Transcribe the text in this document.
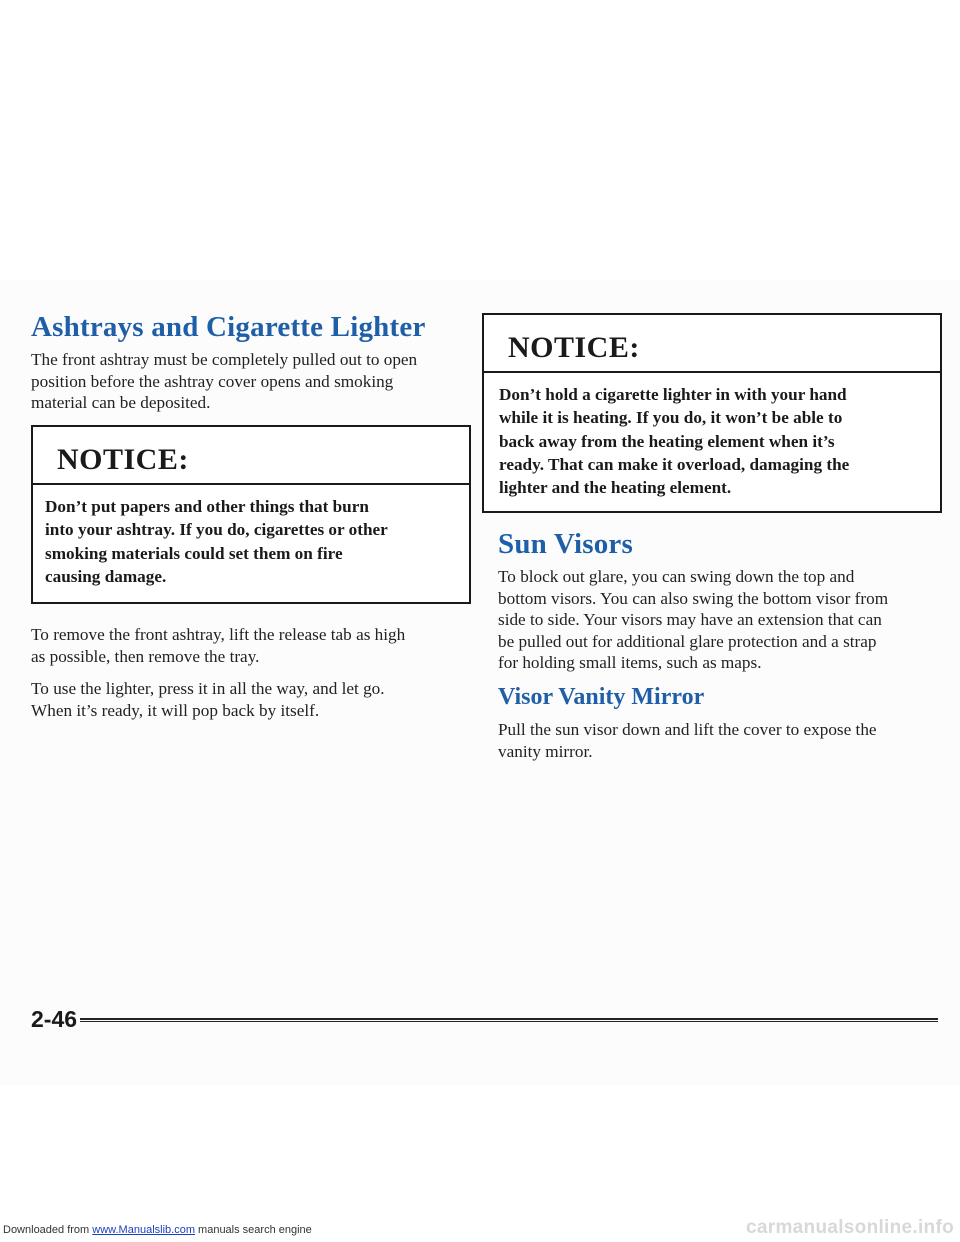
Ashtrays and Cigarette Lighter

The front ashtray must be completely pulled out to open
position before the ashtray cover opens and smoking
material can be deposited.

NOTICE:

Don’t put papers and other things that burn
into your ashtray. If you do, cigarettes or other
smoking materials could set them on fire
causing damage.

To remove the front ashtray, lift the release tab as high
as possible, then remove the tray.

To use the lighter, press it in all the way, and let go.
When it’s ready, it will pop back by itself.

NOTICE:

Don’t hold a cigarette lighter in with your hand
while it is heating. If you do, it won’t be able to
back away from the heating element when it’s
ready. That can make it overload, damaging the
lighter and the heating element.

Sun Visors

To block out glare, you can swing down the top and
bottom visors. You can also swing the bottom visor from
side to side. Your visors may have an extension that can
be pulled out for additional glare protection and a strap
for holding small items, such as maps.

Visor Vanity Mirror

Pull the sun visor down and lift the cover to expose the
vanity mirror.

2-46

Downloaded from www.Manualslib.com manuals search engine	carmanualsonline.info
